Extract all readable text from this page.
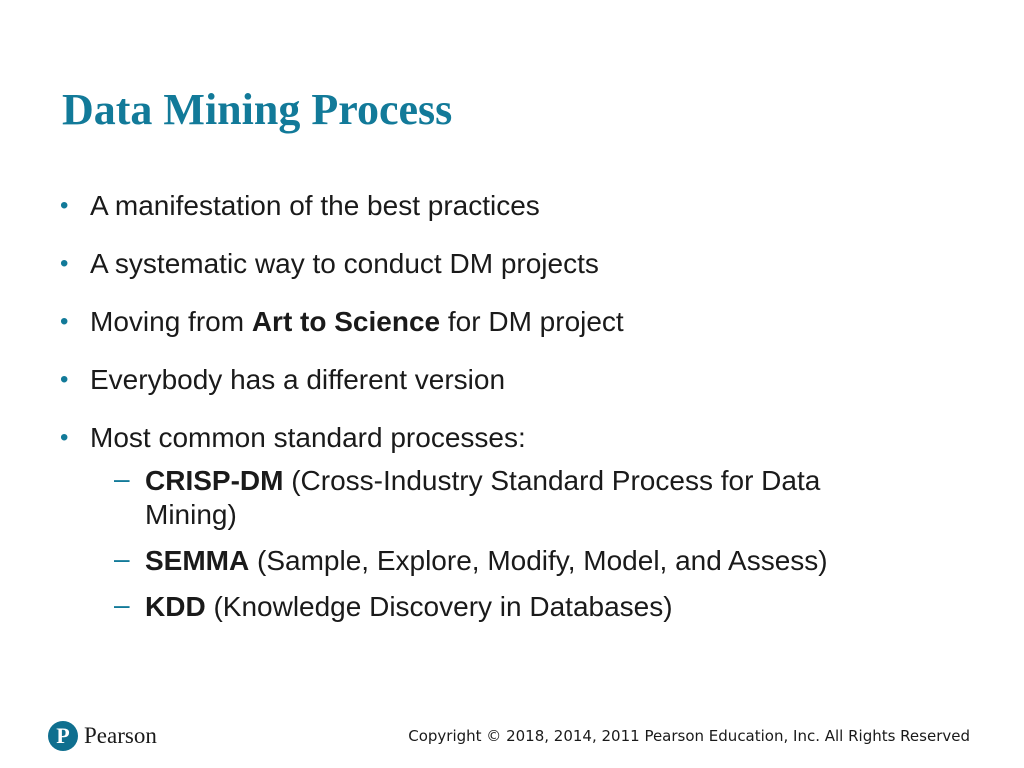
Data Mining Process
• A manifestation of the best practices
• A systematic way to conduct DM projects
• Moving from Art to Science for DM project
• Everybody has a different version
• Most common standard processes:
– CRISP-DM (Cross-Industry Standard Process for Data Mining)
– SEMMA (Sample, Explore, Modify, Model, and Assess)
– KDD (Knowledge Discovery in Databases)
P Pearson	Copyright © 2018, 2014, 2011 Pearson Education, Inc. All Rights Reserved
